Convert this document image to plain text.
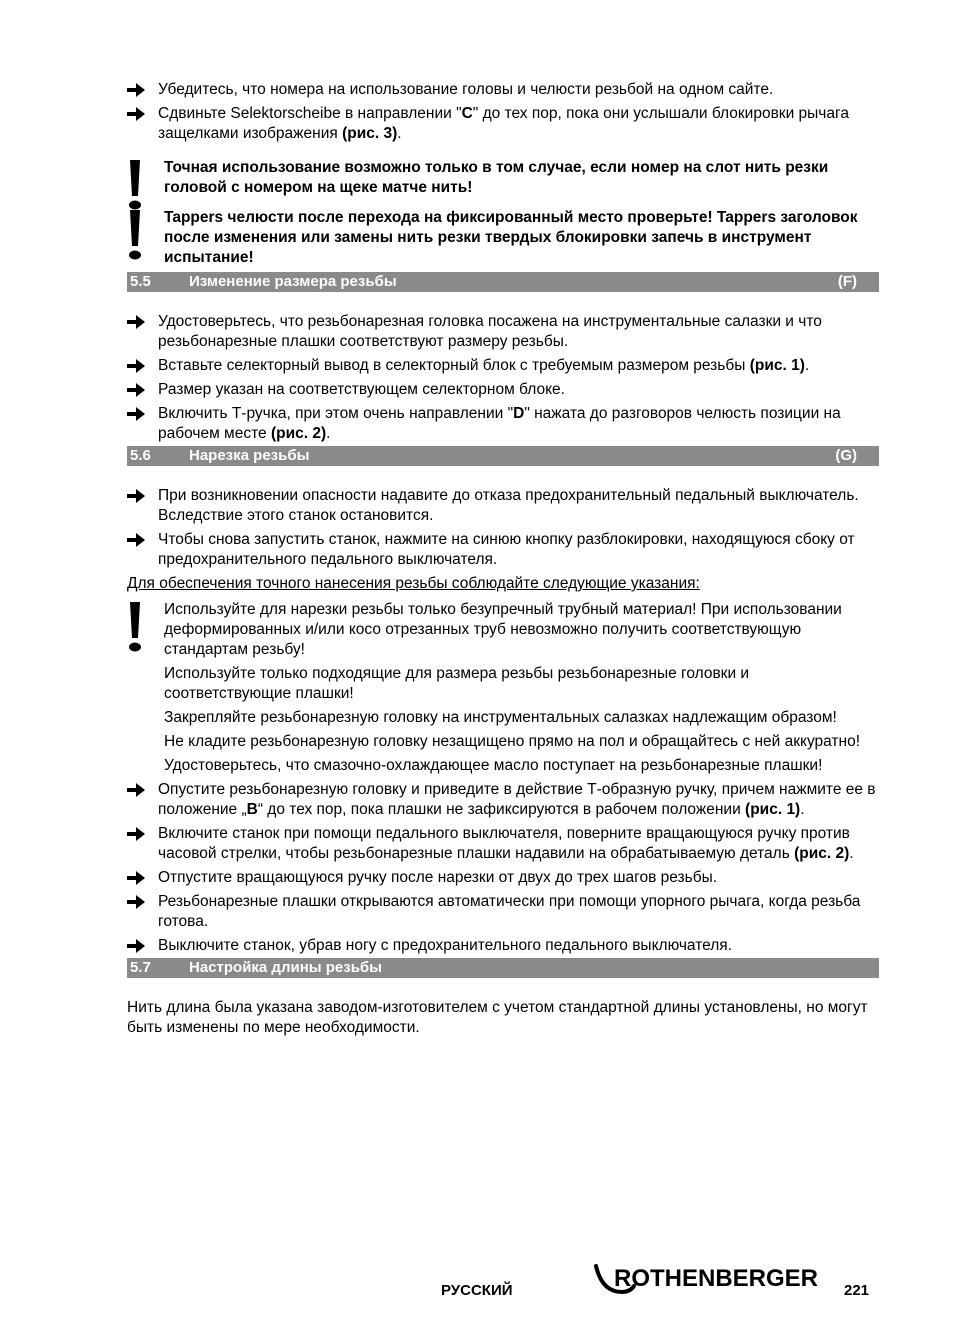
Убедитесь, что номера на использование головы и челюсти резьбой на одном сайте.
Сдвиньте Selektorscheibe в направлении "C" до тех пор, пока они услышали блокировки рычага защелками изображения (рис. 3).

Точная использование возможно только в том случае, если номер на слот нить резки головой с номером на щеке матче нить!

Tappers челюсти после перехода на фиксированный место проверьте! Tappers заголовок после изменения или замены нить резки твердых блокировки запечь в инструмент испытание!

5.5	Изменение размера резьбы	(F)
Удостоверьтесь, что резьбонарезная головка посажена на инструментальные салазки и что резьбонарезные плашки соответствуют размеру резьбы.
Вставьте селекторный вывод в селекторный блок с требуемым размером резьбы (рис. 1).
Размер указан на соответствующем селекторном блоке.
Включить Т-ручка, при этом очень направлении "D" нажата до разговоров челюсть позиции на рабочем месте (рис. 2).
5.6	Нарезка резьбы	(G)
При возникновении опасности надавите до отказа предохранительный педальный выключатель. Вследствие этого станок остановится.
Чтобы снова запустить станок, нажмите на синюю кнопку разблокировки, находящуюся сбоку от предохранительного педального выключателя.

Для обеспечения точного нанесения резьбы соблюдайте следующие указания:

Используйте для нарезки резьбы только безупречный трубный материал! При использовании деформированных и/или косо отрезанных труб невозможно получить соответствующую стандартам резьбу!

Используйте только подходящие для размера резьбы резьбонарезные головки и соответствующие плашки!

Закрепляйте резьбонарезную головку на инструментальных салазках надлежащим образом!

Не кладите резьбонарезную головку незащищено прямо на пол и обращайтесь с ней аккуратно!

Удостоверьтесь, что смазочно-охлаждающее масло поступает на резьбонарезные плашки!

Опустите резьбонарезную головку и приведите в действие Т-образную ручку, причем нажмите ее в положение „B“ до тех пор, пока плашки не зафиксируются в рабочем положении (рис. 1).
Включите станок при помощи педального выключателя, поверните вращающуюся ручку против часовой стрелки, чтобы резьбонарезные плашки надавили на обрабатываемую деталь (рис. 2).
Отпустите вращающуюся ручку после нарезки от двух до трех шагов резьбы.
Резьбонарезные плашки открываются автоматически при помощи упорного рычага, когда резьба готова.
Выключите станок, убрав ногу с предохранительного педального выключателя.
5.7	Настройка длины резьбы

Нить длина была указана заводом-изготовителем с учетом стандартной длины установлены, но могут быть изменены по мере необходимости.

РУССКИЙ	ROTHENBERGER 221
